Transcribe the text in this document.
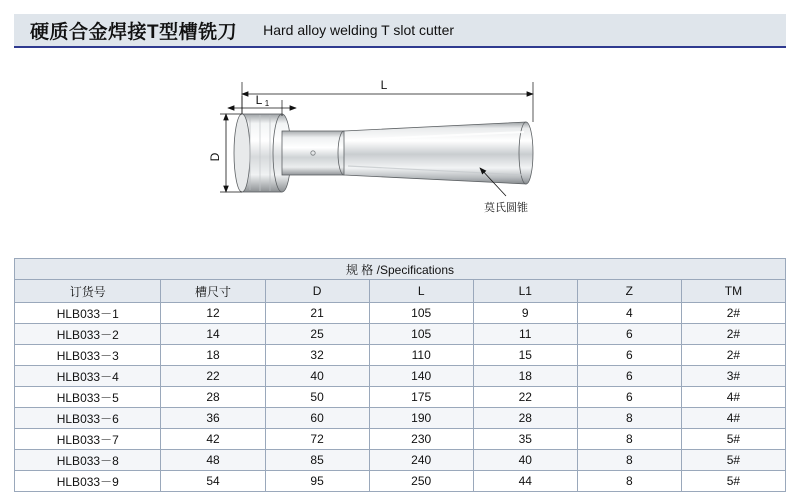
硬质合金焊接T型槽铣刀 Hard alloy welding T slot cutter
L
L 1
D
莫氏圆锥
规 格 /Specifications						
订货号	槽尺寸	D	L	L1	Z	TM
HLB033－1	12	21	105	9	4	2#
HLB033－2	14	25	105	11	6	2#
HLB033－3	18	32	110	15	6	2#
HLB033－4	22	40	140	18	6	3#
HLB033－5	28	50	175	22	6	4#
HLB033－6	36	60	190	28	8	4#
HLB033－7	42	72	230	35	8	5#
HLB033－8	48	85	240	40	8	5#
HLB033－9	54	95	250	44	8	5#
